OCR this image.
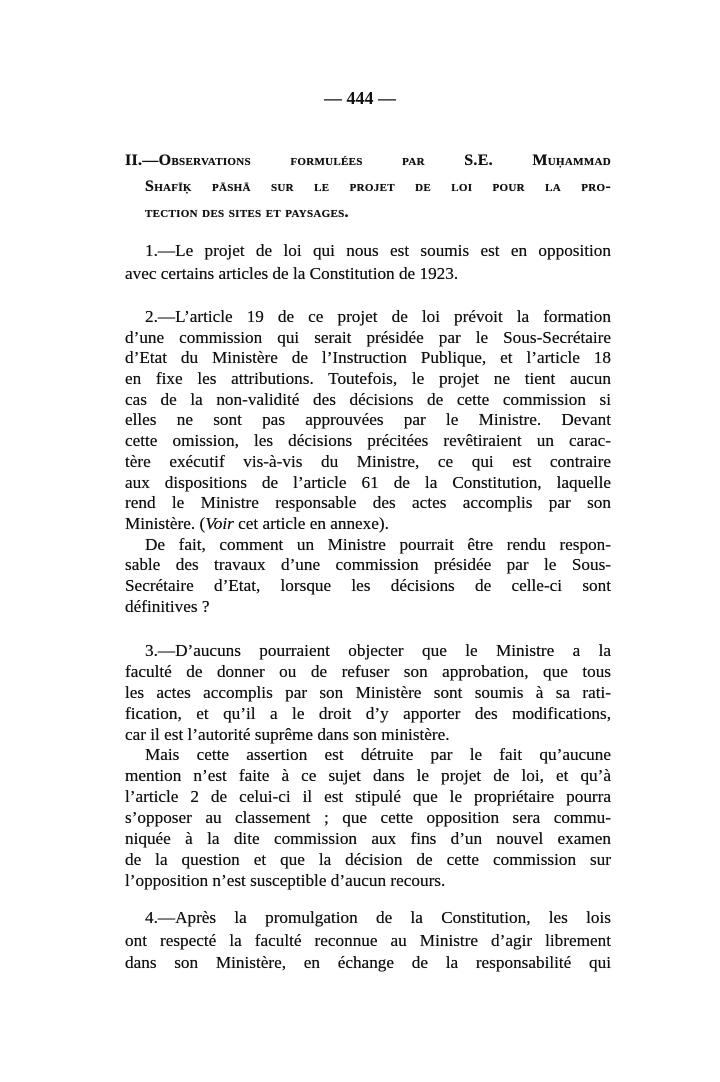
— 444 —
II.—Observations formulées par S.E. Muḥammad
Shafīḳ pāshā sur le projet de loi pour la pro-
tection des sites et paysages.
1.—Le projet de loi qui nous est soumis est en opposition
avec certains articles de la Constitution de 1923.
2.—L’article 19 de ce projet de loi prévoit la formation
d’une commission qui serait présidée par le Sous-Secrétaire
d’Etat du Ministère de l’Instruction Publique, et l’article 18
en fixe les attributions. Toutefois, le projet ne tient aucun
cas de la non-validité des décisions de cette commission si
elles ne sont pas approuvées par le Ministre. Devant
cette omission, les décisions précitées revêtiraient un carac-
tère exécutif vis-à-vis du Ministre, ce qui est contraire
aux dispositions de l’article 61 de la Constitution, laquelle
rend le Ministre responsable des actes accomplis par son
Ministère. (Voir cet article en annexe).
De fait, comment un Ministre pourrait être rendu respon-
sable des travaux d’une commission présidée par le Sous-
Secrétaire d’Etat, lorsque les décisions de celle-ci sont
définitives ?
3.—D’aucuns pourraient objecter que le Ministre a la
faculté de donner ou de refuser son approbation, que tous
les actes accomplis par son Ministère sont soumis à sa rati-
fication, et qu’il a le droit d’y apporter des modifications,
car il est l’autorité suprême dans son ministère.
Mais cette assertion est détruite par le fait qu’aucune
mention n’est faite à ce sujet dans le projet de loi, et qu’à
l’article 2 de celui-ci il est stipulé que le propriétaire pourra
s’opposer au classement ; que cette opposition sera commu-
niquée à la dite commission aux fins d’un nouvel examen
de la question et que la décision de cette commission sur
l’opposition n’est susceptible d’aucun recours.
4.—Après la promulgation de la Constitution, les lois
ont respecté la faculté reconnue au Ministre d’agir librement
dans son Ministère, en échange de la responsabilité qui
